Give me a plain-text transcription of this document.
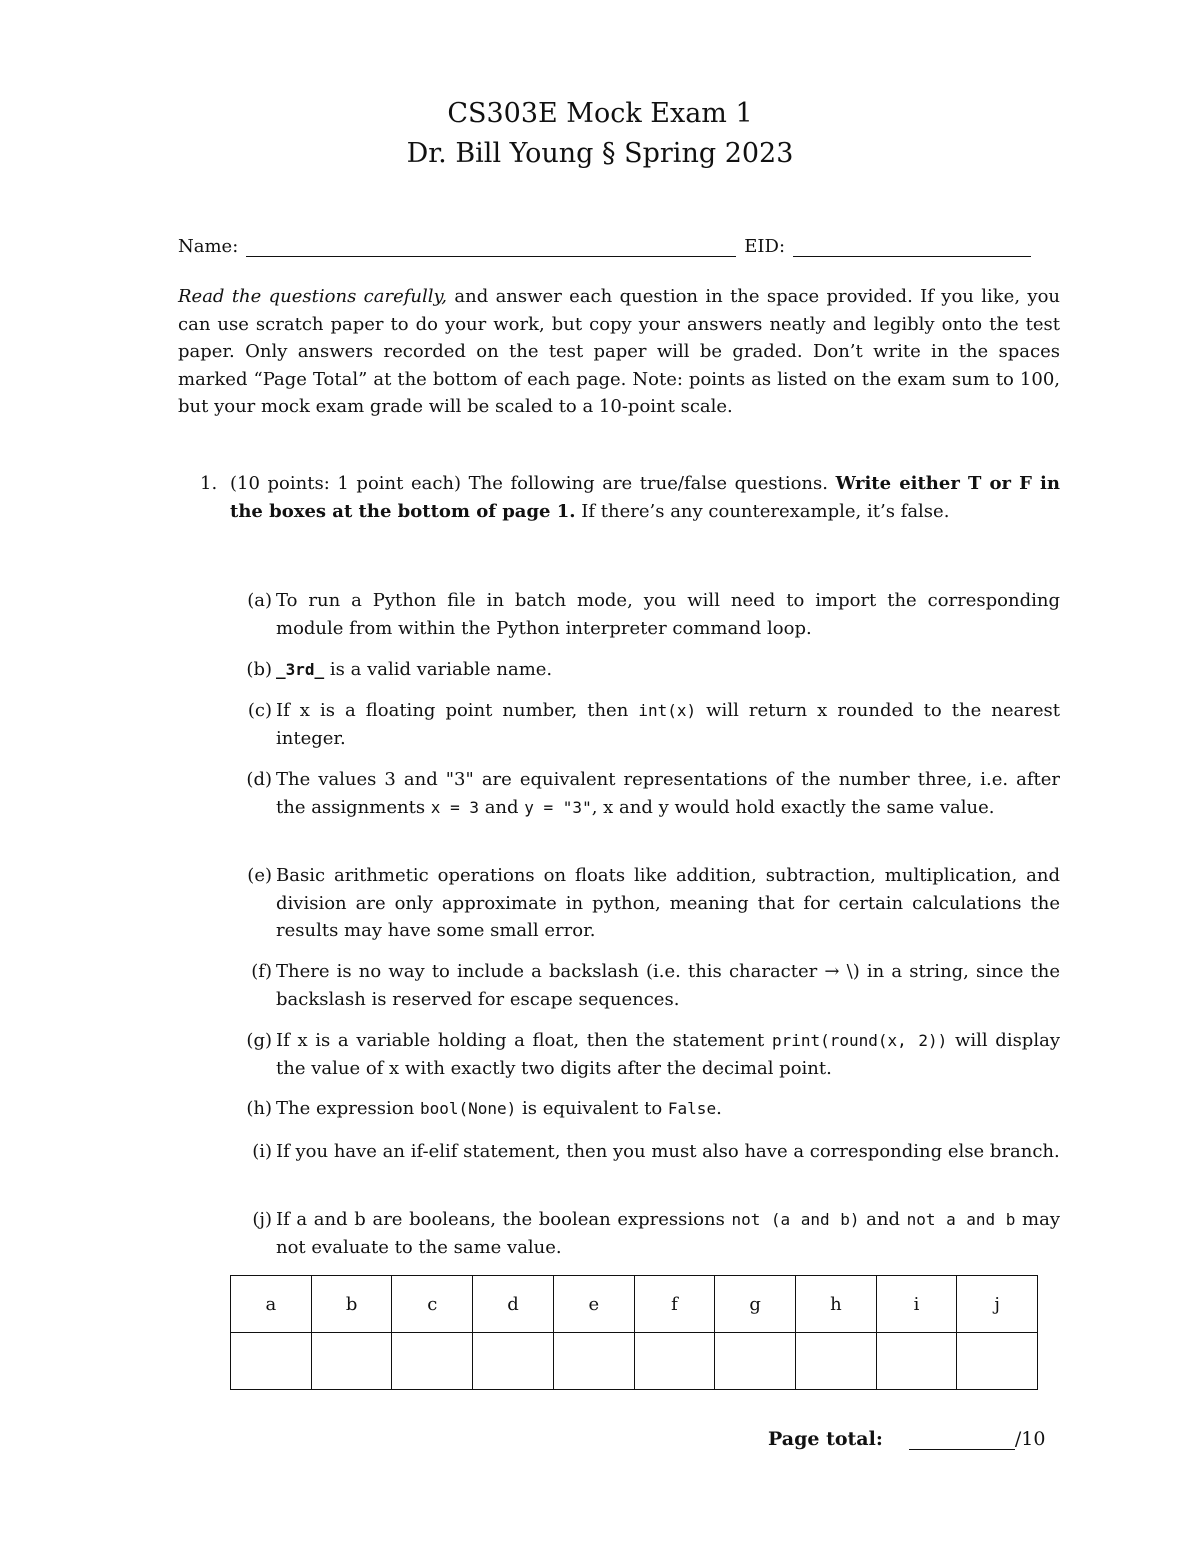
CS303E Mock Exam 1
Dr. Bill Young § Spring 2023
Name:	EID:
Read the questions carefully, and answer each question in the space provided. If you like, you can use scratch paper to do your work, but copy your answers neatly and legibly onto the test paper. Only answers recorded on the test paper will be graded. Don’t write in the spaces marked “Page Total” at the bottom of each page. Note: points as listed on the exam sum to 100, but your mock exam grade will be scaled to a 10-point scale.
1. (10 points: 1 point each) The following are true/false questions. Write either T or F in the boxes at the bottom of page 1. If there’s any counterexample, it’s false.
(a) To run a Python file in batch mode, you will need to import the corresponding module from within the Python interpreter command loop.
(b) _3rd_ is a valid variable name.
(c) If x is a floating point number, then int(x) will return x rounded to the nearest integer.
(d) The values 3 and "3" are equivalent representations of the number three, i.e. after the assignments x = 3 and y = "3", x and y would hold exactly the same value.
(e) Basic arithmetic operations on floats like addition, subtraction, multiplication, and division are only approximate in python, meaning that for certain calculations the results may have some small error.
(f) There is no way to include a backslash (i.e. this character → \) in a string, since the backslash is reserved for escape sequences.
(g) If x is a variable holding a float, then the statement print(round(x, 2)) will display the value of x with exactly two digits after the decimal point.
(h) The expression bool(None) is equivalent to False.
(i) If you have an if-elif statement, then you must also have a corresponding else branch.
(j) If a and b are booleans, the boolean expressions not (a and b) and not a and b may not evaluate to the same value.
a	b	c	d	e	f	g	h	i	j

Page total:	/10
